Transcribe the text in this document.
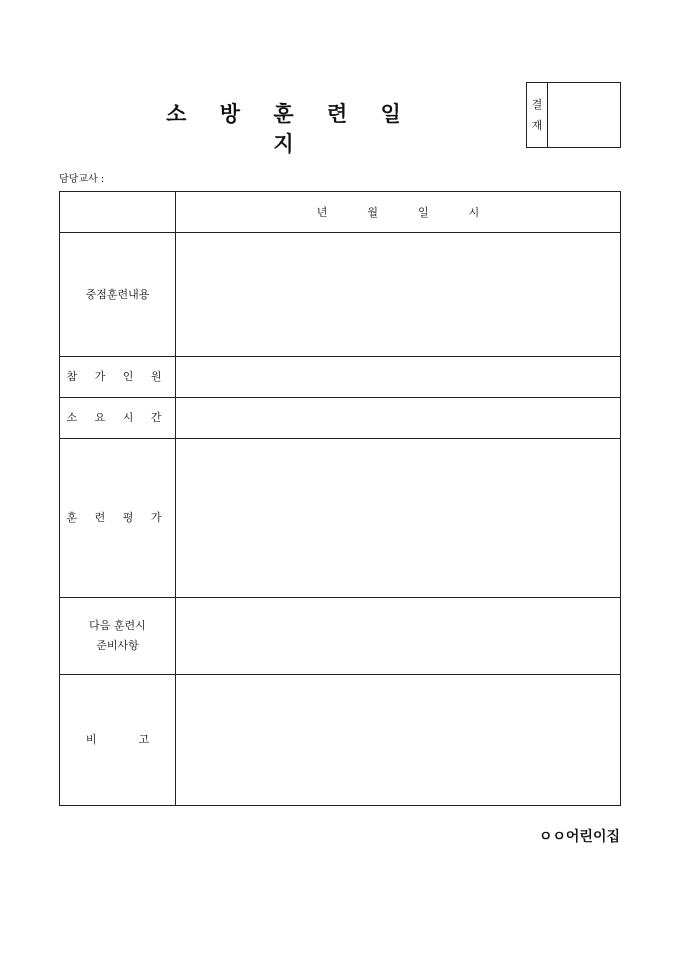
소 방 훈 련 일 지
결
재
담당교사 :
	년 월 일 시
중점훈련내용	
참 가 인 원	
소 요 시 간	
훈 련 평 가	

다음 훈련시
준비사항	

비 고	
ㅇㅇ어린이집
